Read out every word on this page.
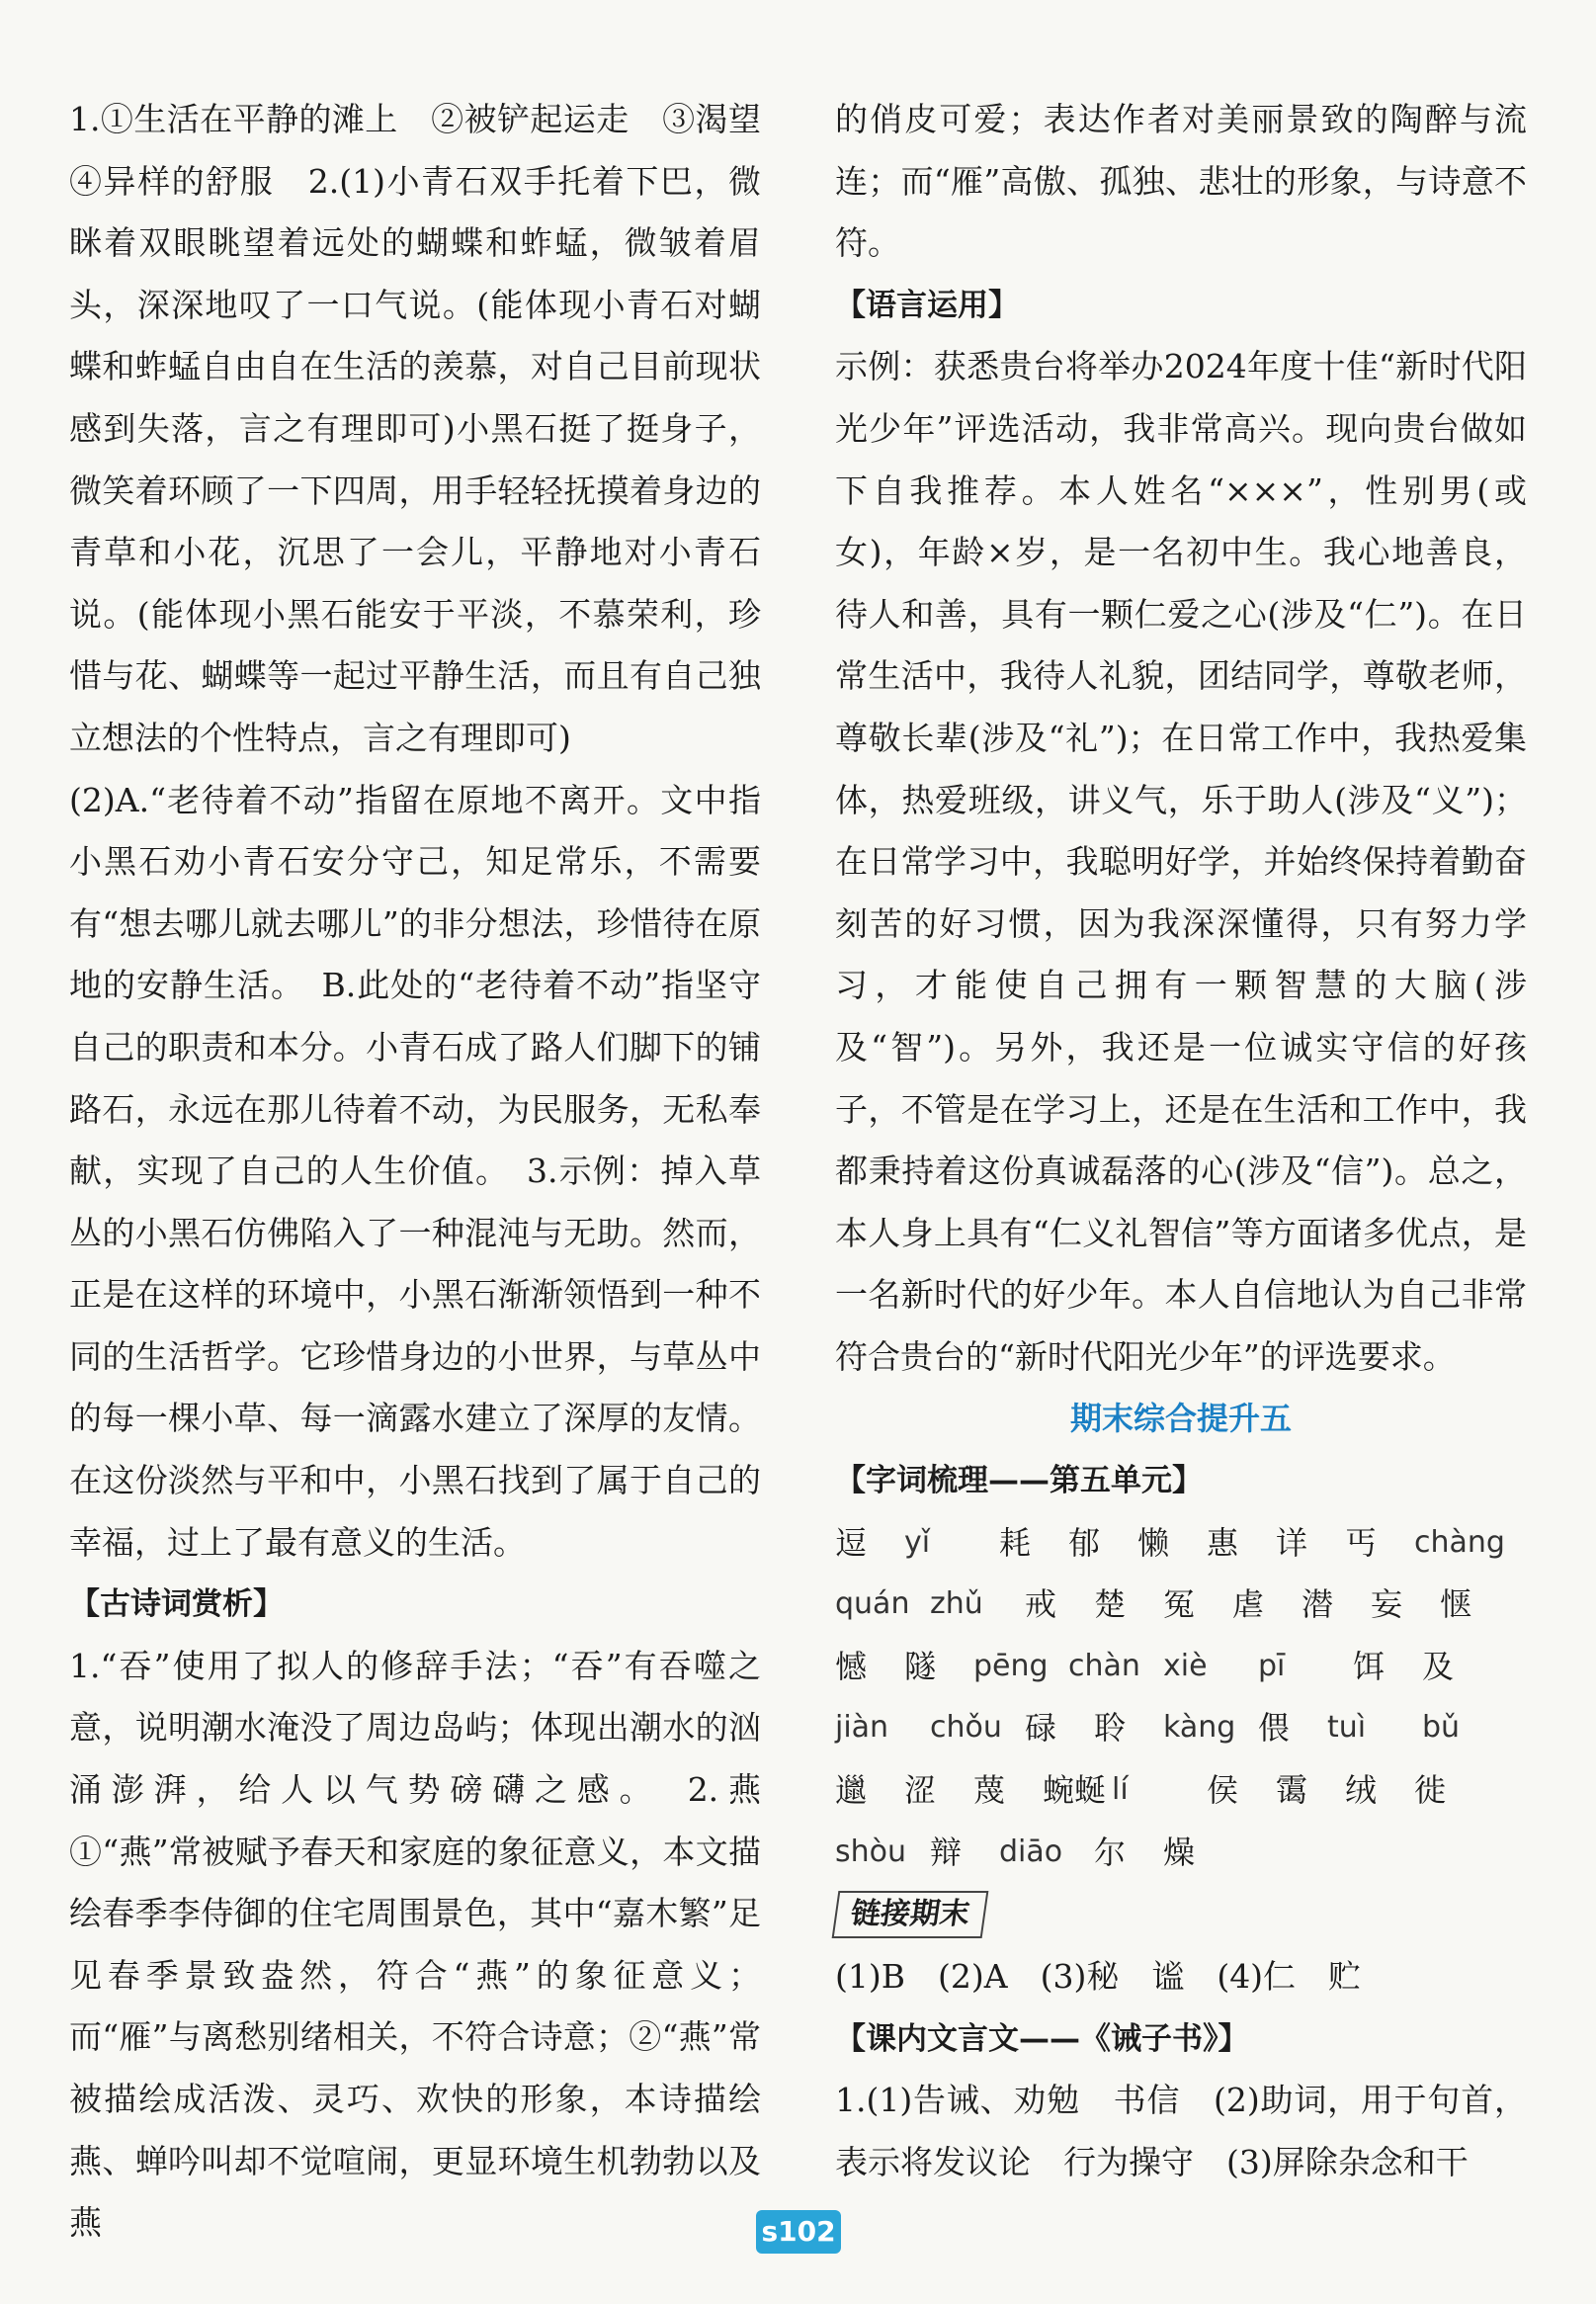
1.①生活在平静的滩上　②被铲起运走　③渴望　④异样的舒服　2.(1)小青石双手托着下巴，微眯着双眼眺望着远处的蝴蝶和蚱蜢，微皱着眉头，深深地叹了一口气说。(能体现小青石对蝴蝶和蚱蜢自由自在生活的羡慕，对自己目前现状感到失落，言之有理即可)小黑石挺了挺身子，微笑着环顾了一下四周，用手轻轻抚摸着身边的青草和小花，沉思了一会儿，平静地对小青石说。(能体现小黑石能安于平淡，不慕荣利，珍惜与花、蝴蝶等一起过平静生活，而且有自己独立想法的个性特点，言之有理即可)

(2)A.“老待着不动”指留在原地不离开。文中指小黑石劝小青石安分守己，知足常乐，不需要有“想去哪儿就去哪儿”的非分想法，珍惜待在原地的安静生活。　B.此处的“老待着不动”指坚守自己的职责和本分。小青石成了路人们脚下的铺路石，永远在那儿待着不动，为民服务，无私奉献，实现了自己的人生价值。　3.示例：掉入草丛的小黑石仿佛陷入了一种混沌与无助。然而，正是在这样的环境中，小黑石渐渐领悟到一种不同的生活哲学。它珍惜身边的小世界，与草丛中的每一棵小草、每一滴露水建立了深厚的友情。在这份淡然与平和中，小黑石找到了属于自己的幸福，过上了最有意义的生活。

【古诗词赏析】

1.“吞”使用了拟人的修辞手法；“吞”有吞噬之意，说明潮水淹没了周边岛屿；体现出潮水的汹涌澎湃，给人以气势磅礴之感。　2.燕　①“燕”常被赋予春天和家庭的象征意义，本文描绘春季李侍御的住宅周围景色，其中“嘉木繁”足见春季景致盎然，符合“燕”的象征意义；而“雁”与离愁别绪相关，不符合诗意；②“燕”常被描绘成活泼、灵巧、欢快的形象，本诗描绘燕、蝉吟叫却不觉喧闹，更显环境生机勃勃以及燕

的俏皮可爱；表达作者对美丽景致的陶醉与流连；而“雁”高傲、孤独、悲壮的形象，与诗意不符。

【语言运用】

示例：获悉贵台将举办2024年度十佳“新时代阳光少年”评选活动，我非常高兴。现向贵台做如下自我推荐。本人姓名“×××”，性别男(或女)，年龄×岁，是一名初中生。我心地善良，待人和善，具有一颗仁爱之心(涉及“仁”)。在日常生活中，我待人礼貌，团结同学，尊敬老师，尊敬长辈(涉及“礼”)；在日常工作中，我热爱集体，热爱班级，讲义气，乐于助人(涉及“义”)；在日常学习中，我聪明好学，并始终保持着勤奋刻苦的好习惯，因为我深深懂得，只有努力学习，才能使自己拥有一颗智慧的大脑(涉及“智”)。另外，我还是一位诚实守信的好孩子，不管是在学习上，还是在生活和工作中，我都秉持着这份真诚磊落的心(涉及“信”)。总之，本人身上具有“仁义礼智信”等方面诸多优点，是一名新时代的好少年。本人自信地认为自己非常符合贵台的“新时代阳光少年”的评选要求。

期末综合提升五
【字词梳理——第五单元】
逗	yǐ	耗	郁	懒	惠	详	丐	chàng
quán zhǔ	戒	楚	冤	虐	潜	妄	惬
憾	隧	pēng chàn xiè	pī	饵	及
jiàn	chǒu 碌	聆	kàng 偎	tuì	bǔ
邋	涩	蔑	蜿蜒 lí	侯	霭	绒	徙
shòu 辩	diāo 尔	燥
链接期末

(1)B　(2)A　(3)秘　谧　(4)仁　贮

【课内文言文——《诫子书》】

1.(1)告诫、劝勉　书信　(2)助词，用于句首，表示将发议论　行为操守　(3)屏除杂念和干

s102
